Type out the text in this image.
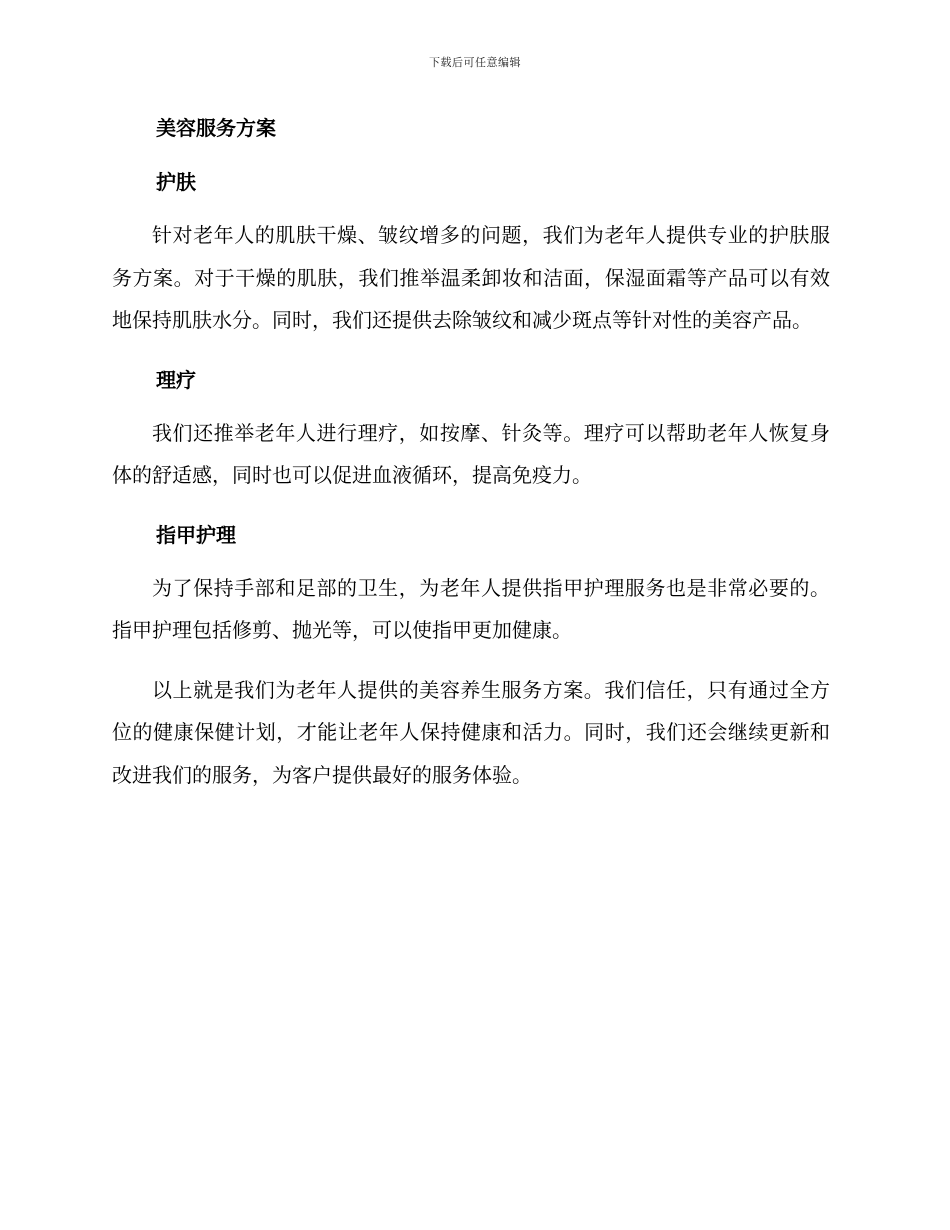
下载后可任意编辑
美容服务方案
护肤

针对老年人的肌肤干燥、皱纹增多的问题，我们为老年人提供专业的护肤服务方案。对于干燥的肌肤，我们推举温柔卸妆和洁面，保湿面霜等产品可以有效地保持肌肤水分。同时，我们还提供去除皱纹和减少斑点等针对性的美容产品。

理疗

我们还推举老年人进行理疗，如按摩、针灸等。理疗可以帮助老年人恢复身体的舒适感，同时也可以促进血液循环，提高免疫力。

指甲护理

为了保持手部和足部的卫生，为老年人提供指甲护理服务也是非常必要的。指甲护理包括修剪、抛光等，可以使指甲更加健康。

以上就是我们为老年人提供的美容养生服务方案。我们信任，只有通过全方位的健康保健计划，才能让老年人保持健康和活力。同时，我们还会继续更新和改进我们的服务，为客户提供最好的服务体验。
